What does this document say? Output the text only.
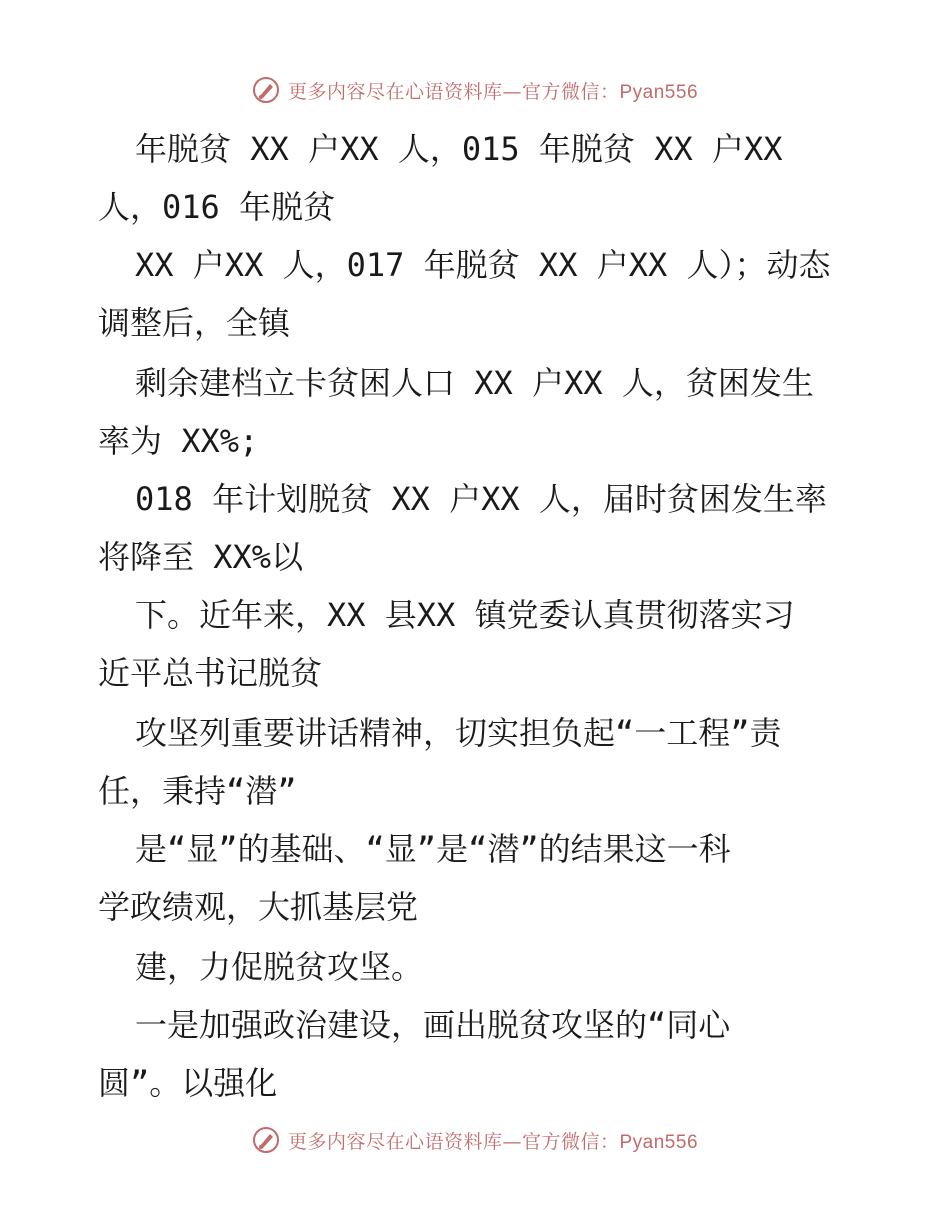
更多内容尽在心语资料库—官方微信：Pyan556
年脱贫 XX 户XX 人，015 年脱贫 XX 户XX
人，016 年脱贫
XX 户XX 人，017 年脱贫 XX 户XX 人）；动态
调整后，全镇
剩余建档立卡贫困人口 XX 户XX 人，贫困发生
率为 XX%;
018 年计划脱贫 XX 户XX 人，届时贫困发生率
将降至 XX%以
下。近年来，XX 县XX 镇党委认真贯彻落实习
近平总书记脱贫
攻坚列重要讲话精神，切实担负起“一工程”责
任，秉持“潜”
是“显”的基础、“显”是“潜”的结果这一科
学政绩观，大抓基层党
建，力促脱贫攻坚。
一是加强政治建设，画出脱贫攻坚的“同心
圆”。以强化
更多内容尽在心语资料库—官方微信：Pyan556
